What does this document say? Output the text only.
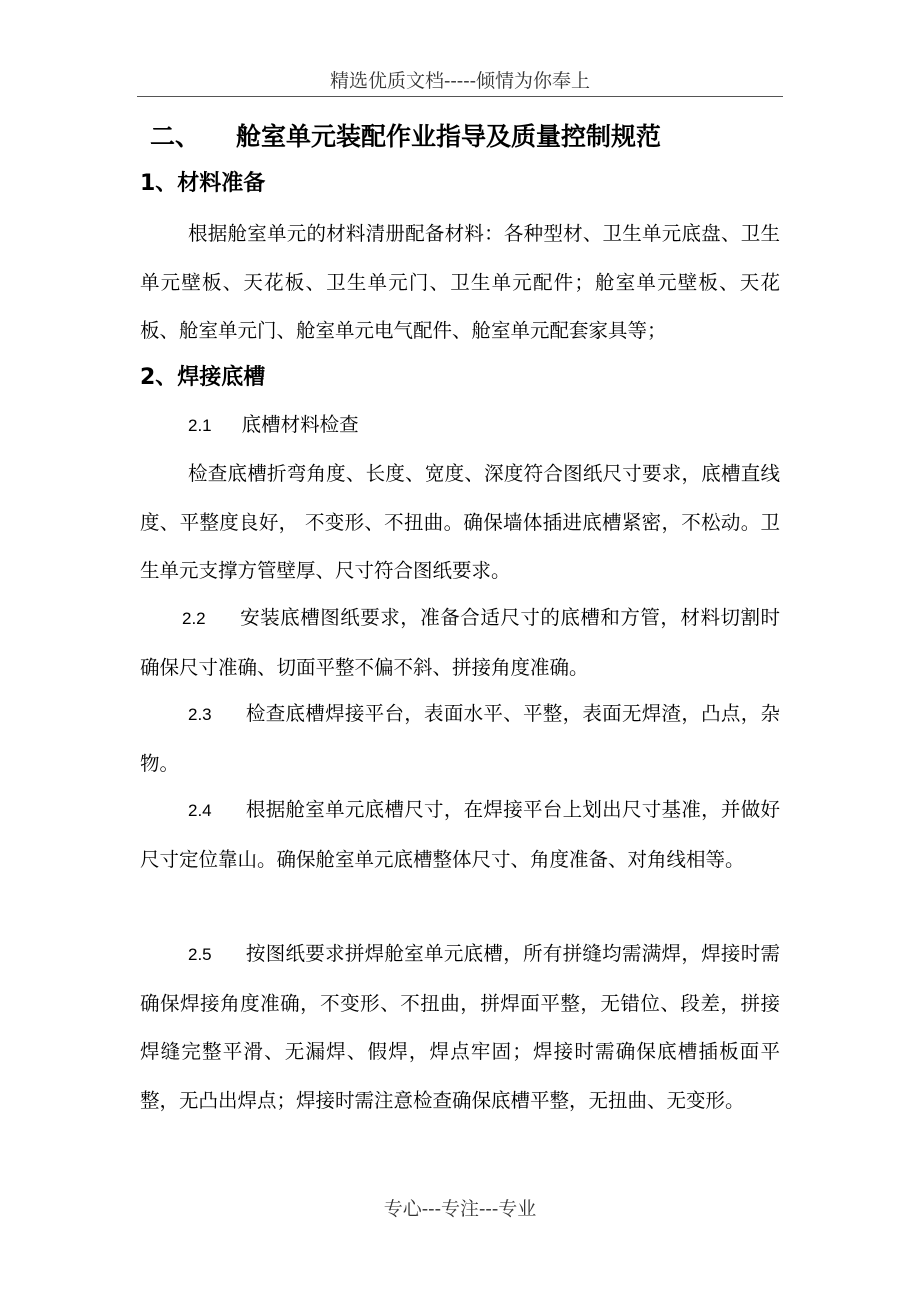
精选优质文档-----倾情为你奉上
二、 舱室单元装配作业指导及质量控制规范
1、材料准备

根据舱室单元的材料清册配备材料：各种型材、卫生单元底盘、卫生单元壁板、天花板、卫生单元门、卫生单元配件；舱室单元壁板、天花板、舱室单元门、舱室单元电气配件、舱室单元配套家具等；

2、焊接底槽
2.1 底槽材料检查

检查底槽折弯角度、长度、宽度、深度符合图纸尺寸要求，底槽直线度、平整度良好， 不变形、不扭曲。确保墙体插进底槽紧密，不松动。卫生单元支撑方管壁厚、尺寸符合图纸要求。

2.2 安装底槽图纸要求，准备合适尺寸的底槽和方管，材料切割时确保尺寸准确、切面平整不偏不斜、拼接角度准确。

2.3 检查底槽焊接平台，表面水平、平整，表面无焊渣，凸点，杂物。

2.4 根据舱室单元底槽尺寸，在焊接平台上划出尺寸基准，并做好尺寸定位靠山。确保舱室单元底槽整体尺寸、角度准备、对角线相等。

2.5 按图纸要求拼焊舱室单元底槽，所有拼缝均需满焊，焊接时需确保焊接角度准确，不变形、不扭曲，拼焊面平整，无错位、段差，拼接焊缝完整平滑、无漏焊、假焊，焊点牢固；焊接时需确保底槽插板面平整，无凸出焊点；焊接时需注意检查确保底槽平整，无扭曲、无变形。

专心---专注---专业
